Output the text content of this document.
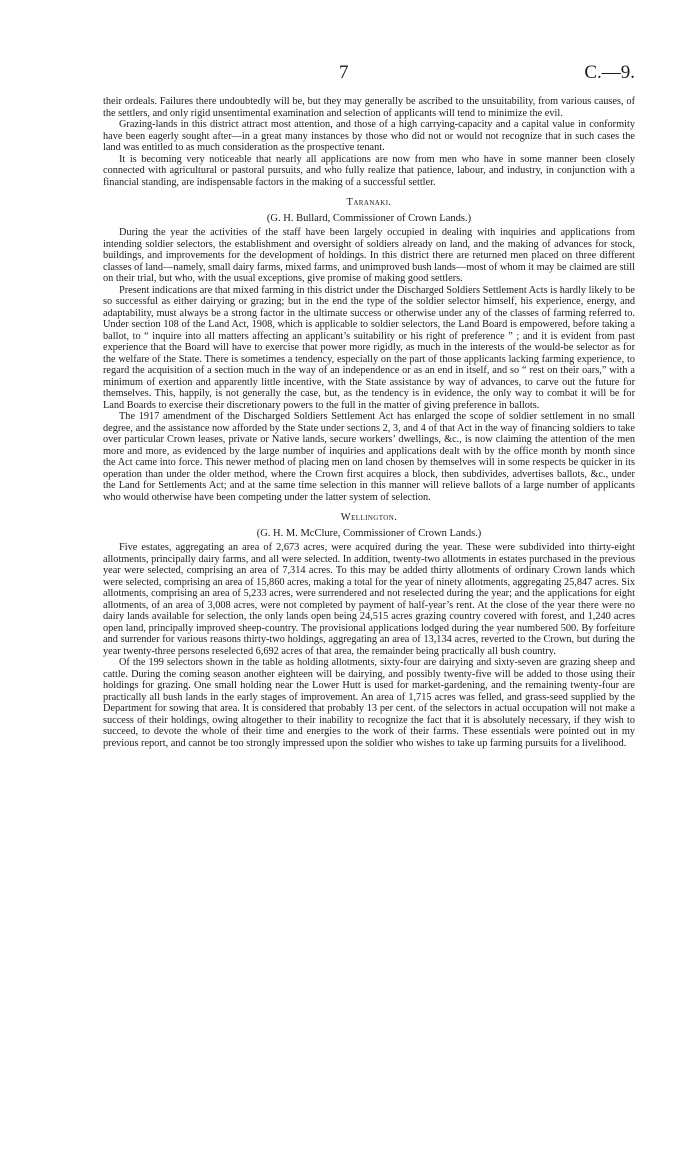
7	C.—9.

their ordeals. Failures there undoubtedly will be, but they may generally be ascribed to the unsuitability, from various causes, of the settlers, and only rigid unsentimental examination and selection of applicants will tend to minimize the evil.

Grazing-lands in this district attract most attention, and those of a high carrying-capacity and a capital value in conformity have been eagerly sought after—in a great many instances by those who did not or would not recognize that in such cases the land was entitled to as much consideration as the prospective tenant.

It is becoming very noticeable that nearly all applications are now from men who have in some manner been closely connected with agricultural or pastoral pursuits, and who fully realize that patience, labour, and industry, in conjunction with a financial standing, are indispensable factors in the making of a successful settler.

Taranaki.
(G. H. Bullard, Commissioner of Crown Lands.)

During the year the activities of the staff have been largely occupied in dealing with inquiries and applications from intending soldier selectors, the establishment and oversight of soldiers already on land, and the making of advances for stock, buildings, and improvements for the development of holdings. In this district there are returned men placed on three different classes of land—namely, small dairy farms, mixed farms, and unimproved bush lands—most of whom it may be claimed are still on their trial, but who, with the usual exceptions, give promise of making good settlers.

Present indications are that mixed farming in this district under the Discharged Soldiers Settlement Acts is hardly likely to be so successful as either dairying or grazing; but in the end the type of the soldier selector himself, his experience, energy, and adaptability, must always be a strong factor in the ultimate success or otherwise under any of the classes of farming referred to. Under section 108 of the Land Act, 1908, which is applicable to soldier selectors, the Land Board is empowered, before taking a ballot, to “ inquire into all matters affecting an applicant’s suitability or his right of preference ” ; and it is evident from past experience that the Board will have to exercise that power more rigidly, as much in the interests of the would-be selector as for the welfare of the State. There is sometimes a tendency, especially on the part of those applicants lacking farming experience, to regard the acquisition of a section much in the way of an independence or as an end in itself, and so “ rest on their oars,” with a minimum of exertion and apparently little incentive, with the State assistance by way of advances, to carve out the future for themselves. This, happily, is not generally the case, but, as the tendency is in evidence, the only way to combat it will be for Land Boards to exercise their discretionary powers to the full in the matter of giving preference in ballots.

The 1917 amendment of the Discharged Soldiers Settlement Act has enlarged the scope of soldier settlement in no small degree, and the assistance now afforded by the State under sections 2, 3, and 4 of that Act in the way of financing soldiers to take over particular Crown leases, private or Native lands, secure workers’ dwellings, &c., is now claiming the attention of the men more and more, as evidenced by the large number of inquiries and applications dealt with by the office month by month since the Act came into force. This newer method of placing men on land chosen by themselves will in some respects be quicker in its operation than under the older method, where the Crown first acquires a block, then subdivides, advertises ballots, &c., under the Land for Settlements Act; and at the same time selection in this manner will relieve ballots of a large number of applicants who would otherwise have been competing under the latter system of selection.

Wellington.
(G. H. M. McClure, Commissioner of Crown Lands.)

Five estates, aggregating an area of 2,673 acres, were acquired during the year. These were subdivided into thirty-eight allotments, principally dairy farms, and all were selected. In addition, twenty-two allotments in estates purchased in the previous year were selected, comprising an area of 7,314 acres. To this may be added thirty allotments of ordinary Crown lands which were selected, comprising an area of 15,860 acres, making a total for the year of ninety allotments, aggregating 25,847 acres. Six allotments, comprising an area of 5,233 acres, were surrendered and not reselected during the year; and the applications for eight allotments, of an area of 3,008 acres, were not completed by payment of half-year’s rent. At the close of the year there were no dairy lands available for selection, the only lands open being 24,515 acres grazing country covered with forest, and 1,240 acres open land, principally improved sheep-country. The provisional applications lodged during the year numbered 500. By forfeiture and surrender for various reasons thirty-two holdings, aggregating an area of 13,134 acres, reverted to the Crown, but during the year twenty-three persons reselected 6,692 acres of that area, the remainder being practically all bush country.

Of the 199 selectors shown in the table as holding allotments, sixty-four are dairying and sixty-seven are grazing sheep and cattle. During the coming season another eighteen will be dairying, and possibly twenty-five will be added to those using their holdings for grazing. One small holding near the Lower Hutt is used for market-gardening, and the remaining twenty-four are practically all bush lands in the early stages of improvement. An area of 1,715 acres was felled, and grass-seed supplied by the Department for sowing that area. It is considered that probably 13 per cent. of the selectors in actual occupation will not make a success of their holdings, owing altogether to their inability to recognize the fact that it is absolutely necessary, if they wish to succeed, to devote the whole of their time and energies to the work of their farms. These essentials were pointed out in my previous report, and cannot be too strongly impressed upon the soldier who wishes to take up farming pursuits for a livelihood.
